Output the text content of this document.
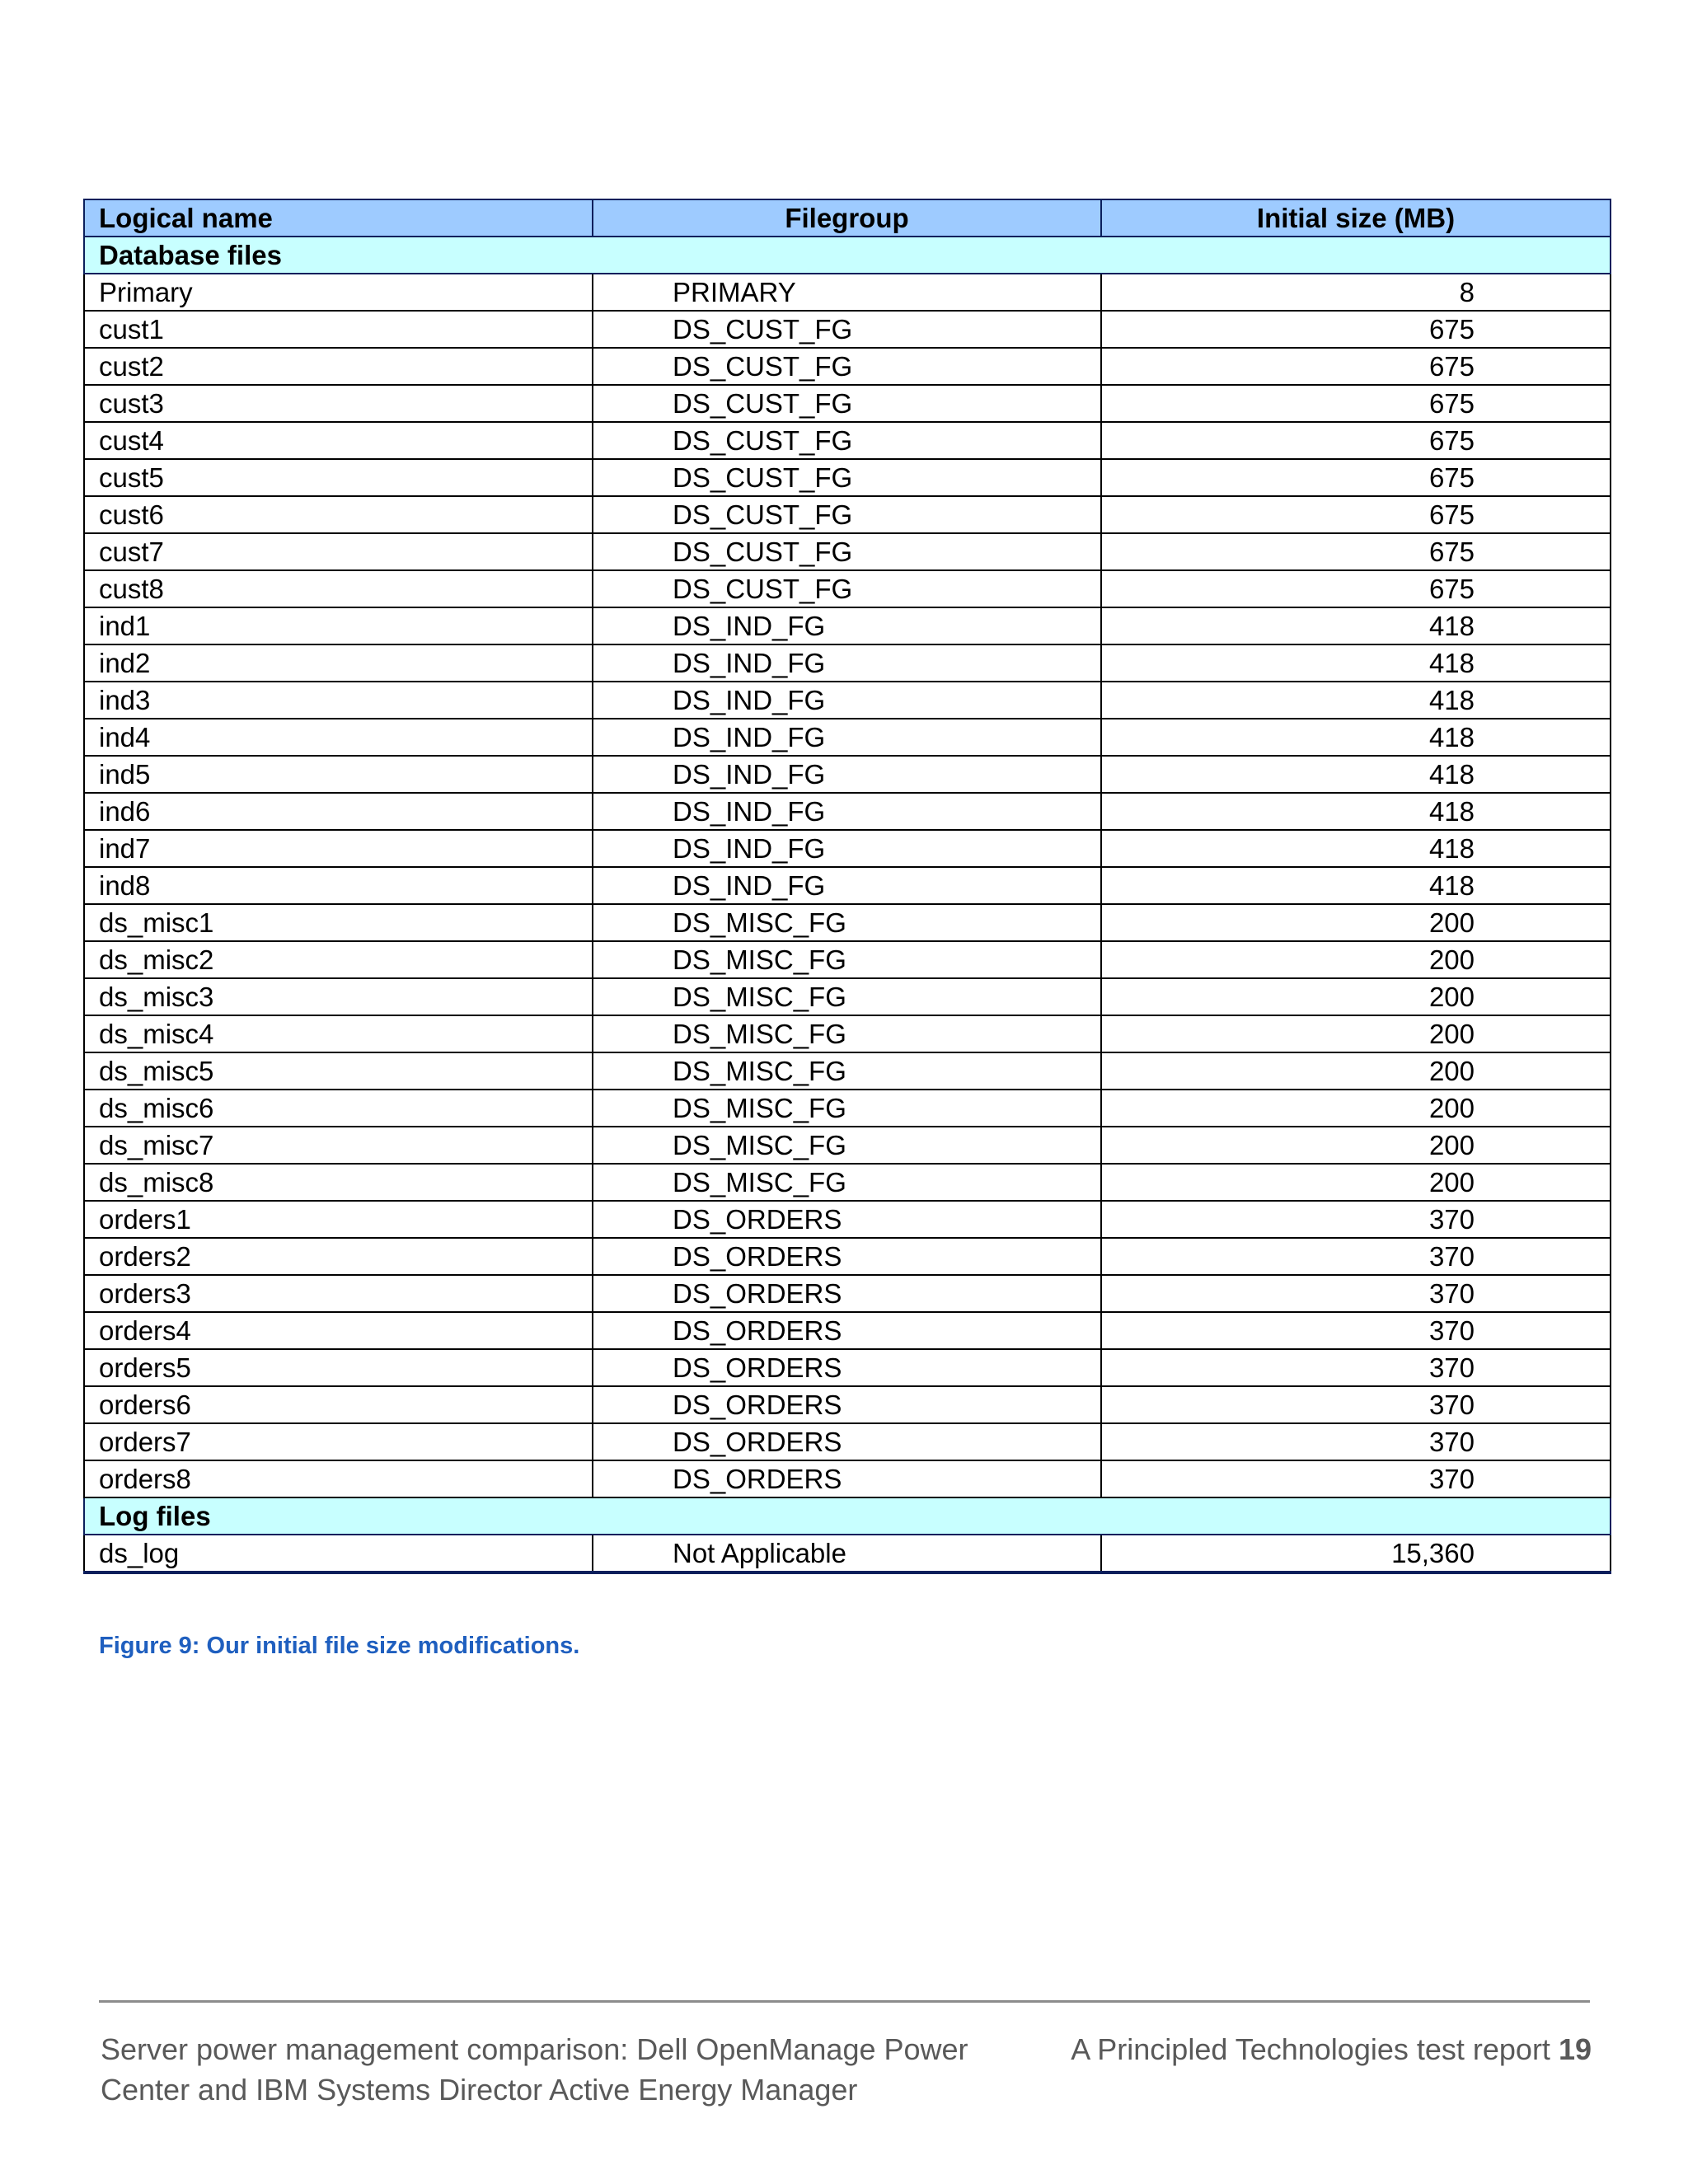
Logical name	Filegroup	Initial size (MB)
Database files		
Primary	PRIMARY	8
cust1	DS_CUST_FG	675
cust2	DS_CUST_FG	675
cust3	DS_CUST_FG	675
cust4	DS_CUST_FG	675
cust5	DS_CUST_FG	675
cust6	DS_CUST_FG	675
cust7	DS_CUST_FG	675
cust8	DS_CUST_FG	675
ind1	DS_IND_FG	418
ind2	DS_IND_FG	418
ind3	DS_IND_FG	418
ind4	DS_IND_FG	418
ind5	DS_IND_FG	418
ind6	DS_IND_FG	418
ind7	DS_IND_FG	418
ind8	DS_IND_FG	418
ds_misc1	DS_MISC_FG	200
ds_misc2	DS_MISC_FG	200
ds_misc3	DS_MISC_FG	200
ds_misc4	DS_MISC_FG	200
ds_misc5	DS_MISC_FG	200
ds_misc6	DS_MISC_FG	200
ds_misc7	DS_MISC_FG	200
ds_misc8	DS_MISC_FG	200
orders1	DS_ORDERS	370
orders2	DS_ORDERS	370
orders3	DS_ORDERS	370
orders4	DS_ORDERS	370
orders5	DS_ORDERS	370
orders6	DS_ORDERS	370
orders7	DS_ORDERS	370
orders8	DS_ORDERS	370
Log files		
ds_log	Not Applicable	15,360
Figure 9: Our initial file size modifications.
Server power management comparison: Dell OpenManage Power Center and IBM Systems Director Active Energy Manager
A Principled Technologies test report 19
